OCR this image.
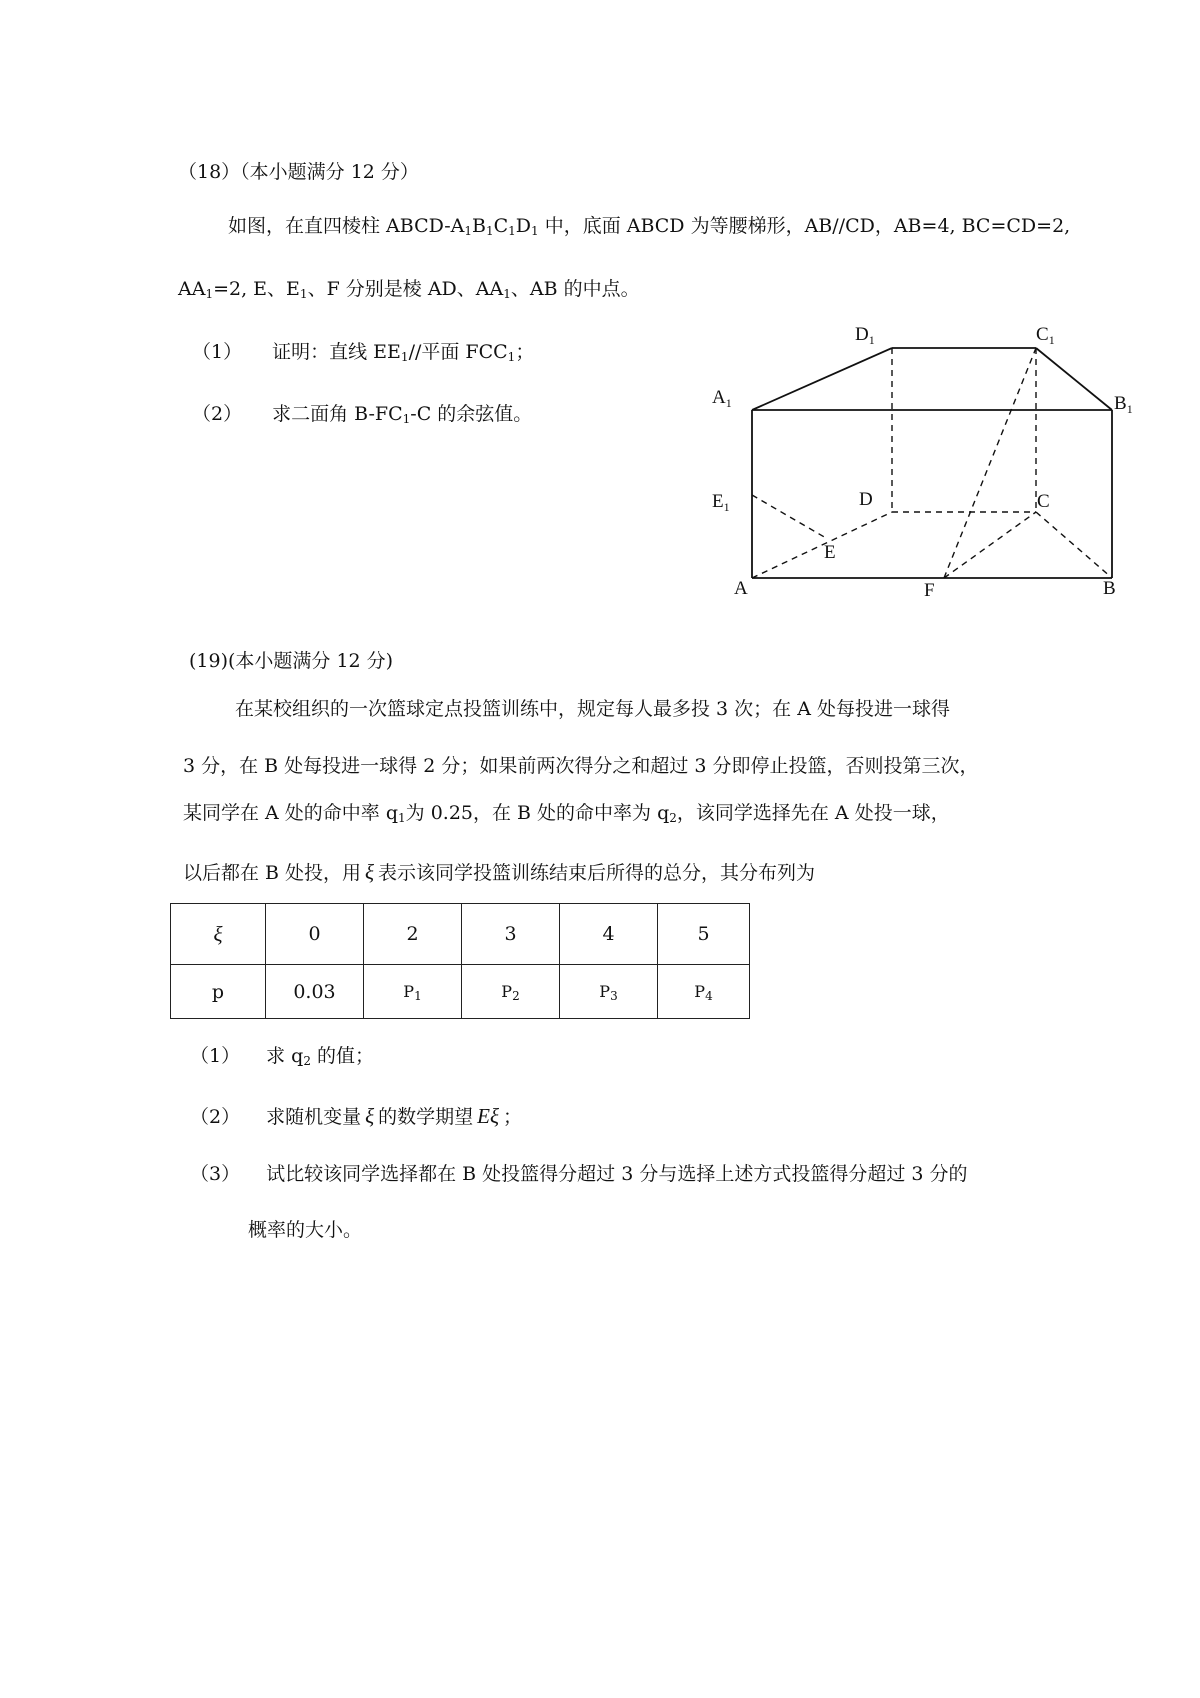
（18）（本小题满分 12 分）
如图，在直四棱柱 ABCD-$A_1B_1C_1D_1$ 中，底面 ABCD 为等腰梯形，AB//CD，AB=4, BC=CD=2,
$AA_1=2$, E、$E_1$、F 分别是棱 AD、$AA_1$、AB 的中点。
（1） 证明：直线 $EE_1//$平面 $FCC_1$；
（2） 求二面角 $B-FC_1-C$ 的余弦值。
$D_1$	$C_1$
$A_1$	$B_1$
$E_1$	D	C
E
A	F	B
(19)(本小题满分 12 分)
在某校组织的一次篮球定点投篮训练中，规定每人最多投 3 次；在 A 处每投进一球得
3 分，在 B 处每投进一球得 2 分；如果前两次得分之和超过 3 分即停止投篮，否则投第三次，
某同学在 A 处的命中率 $q_1$为 0.25，在 B 处的命中率为 $q_2$，该同学选择先在 A 处投一球，
以后都在 B 处投，用 ξ 表示该同学投篮训练结束后所得的总分，其分布列为
ξ	0	2	3	4	5
p	0.03	$P_1$	$P_2$	$P_3$	$P_4$
（1） 求 $q_2$ 的值；
（2） 求随机变量 ξ 的数学期望 Eξ ；
（3） 试比较该同学选择都在 B 处投篮得分超过 3 分与选择上述方式投篮得分超过 3 分的
概率的大小。
